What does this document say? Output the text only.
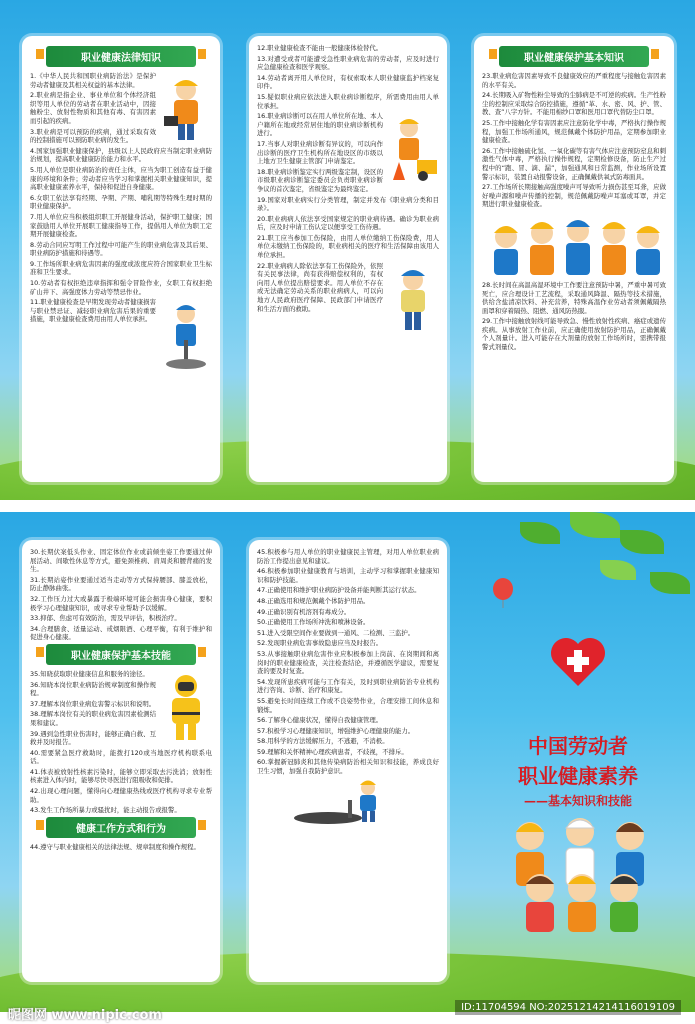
职业健康法律知识

1.《中华人民共和国职业病防治法》是保护劳动者健康及其相关权益的基本法律。

2.职业病是指企业、事业单位和个体经济组织等用人单位的劳动者在职业活动中，因接触粉尘、放射性物质和其他有毒、有害因素而引起的疾病。

3.职业病是可以预防的疾病，通过采取有效的控制措施可以预防职业病的发生。

4.国家加强职业健康保护，县级以上人民政府应当制定职业病防治规划，提高职业健康防治能力和水平。

5.用人单位是职业病防治的责任主体，应当为职工创造有益于健康的环境和条件；劳动者应当学习和掌握相关职业健康知识，提高职业健康素养水平，保持和促进自身健康。

6.女职工依法享有经期、孕期、产期、哺乳期等特殊生理时期的职业健康保护。

7.用人单位应当积极组织职工开展健身活动，保护职工健康；国家鼓励用人单位开展职工健康指导工作，提倡用人单位为职工定期开展健康检查。

8.劳动合同应写明工作过程中可能产生的职业病危害及其后果、职业病防护措施和待遇等。

9.工作场所职业病危害因素的强度或浓度应符合国家职业卫生标准和卫生要求。

10.劳动者有权拒绝违章指挥和强令冒险作业，女职工有权拒绝矿山井下、高强度体力劳动等禁忌作业。

11.职业健康检查是早期发现劳动者健康损害与职业禁忌证、减轻职业病危害后果的重要措施，职业健康检查费用由用人单位承担。

12.职业健康检查不能由一般健康体检替代。

13.对遭受或者可能遭受急性职业病危害的劳动者，应及时进行应急健康检查和医学观察。

14.劳动者离开用人单位时，有权索取本人职业健康监护档案复印件。

15.疑似职业病应依法进入职业病诊断程序，所需费用由用人单位承担。

16.职业病诊断可以在用人单位所在地、本人户籍所在地或经常居住地的职业病诊断机构进行。

17.当事人对职业病诊断有异议的，可以向作出诊断的医疗卫生机构所在地设区的市级以上地方卫生健康主管部门申请鉴定。

18.职业病诊断鉴定实行两级鉴定制，设区的市级职业病诊断鉴定委员会负责职业病诊断争议的首次鉴定，省级鉴定为最终鉴定。

19.国家对职业病实行分类管理，制定并发布《职业病分类和目录》。

20.职业病病人依法享受国家规定的职业病待遇。确诊为职业病后，应及时申请工伤认定以便享受工伤待遇。

21.职工应当参加工伤保险，由用人单位缴纳工伤保险费，用人单位未缴纳工伤保险的，职业病相关的医疗和生活保障由该用人单位承担。

22.职业病病人除依法享有工伤保险外，依照有关民事法律，尚有获得赔偿权利的，有权向用人单位提出赔偿要求。用人单位不存在或无法确定劳动关系的职业病病人，可以向地方人民政府医疗保障、民政部门申请医疗和生活方面的救助。

职业健康保护基本知识

23.职业病危害因素导致不良健康效应的严重程度与接触危害因素的水平有关。

24.长期吸入矿物性粉尘导致的尘肺病是不可逆的疾病。生产性粉尘的控制应采取综合防控措施，遵循“革、水、密、风、护、管、教、查”八字方针。不能用棉纱口罩和医用口罩代替防尘口罩。

25.工作中接触化学有害因素应注意防化学中毒，严格执行操作规程，加强工作场所通风，规范佩戴个体防护用品，定期参加职业健康检查。

26.工作中接触硫化氢、一氧化碳等有害气体应注意预防窒息和刺激性气体中毒，严格执行操作规程，定期检修设备，防止生产过程中的“跑、冒、滴、漏”，加强通风和日常监测，作业场所设置警示标识，装置自动报警设备，正确佩戴供氧式防毒面具。

27.工作场所长期接触高强度噪声可导致听力损伤甚至耳聋，应做好噪声源和噪声传播的控制，规范佩戴防噪声耳塞或耳罩，并定期进行职业健康检查。

28.长时间在高温高湿环境中工作要注意预防中暑，严重中暑可致死亡，应合理设计工艺流程，采取通风降温、隔热等技术措施，供给含盐清凉饮料、补充营养，特殊高温作业劳动者须佩戴隔热面罩和穿着隔热、阻燃、通风防热服。

29.工作中接触放射线可能导致急、慢性放射性疾病、癌症或遗传疾病。从事放射工作业前，应正确使用放射防护用品，正确佩戴个人剂量计。进入可能存在大剂量的放射工作场所时，需携带报警式剂量仪。

30.长期伏案低头作业、固定体位作业或前倾坐姿工作要通过伸展活动、间歇性休息等方式，避免颈椎病、肩周炎和腰背痛的发生。

31.长期站姿作业要通过适当走动等方式保持腰部、膝盖放松，防止静脉曲张。

32.工作压力过大或暴露于极端环境可能会损害身心健康，要积极学习心理健康知识，或寻求专业帮助予以缓解。

33.抑郁、焦虑可有效防治，需及早评估，积极治疗。

34.合理膳食、适量运动、戒烟限酒、心理平衡，有利于维护和促进身心健康。

职业健康保护基本技能

35.知晓获取职业健康信息和服务的途径。

36.知晓本岗位职业病防治规章制度和操作规程。

37.理解本岗位职业病危害警示标识和说明。

38.理解本岗位有关的职业病危害因素检测结果和建议。

39.遇到急性职业伤害时，能够正确自救、互救并及时报告。

40.需要紧急医疗救助时，能拨打120或当地医疗机构联系电话。

41.体表被放射性核素污染时，能够立即采取去污洗消；放射性核素进入体内时，能够尽快寻医进行阻吸收和促排。

42.出现心理问题，懂得向心理健康热线或医疗机构寻求专业帮助。

43.发生工作场所暴力或骚扰时，能主动报告或报警。

健康工作方式和行为

44.遵守与职业健康相关的法律法规、规章制度和操作规程。

45.积极参与用人单位的职业健康民主管理，对用人单位职业病防治工作提出意见和建议。

46.积极参加职业健康教育与培训，主动学习和掌握职业健康知识和防护技能。

47.正确使用和维护职业病防护设备并能判断其运行状态。

48.正确选用和规范佩戴个体防护用品。

49.正确识别有机溶剂有毒成分。

50.正确使用工作场所冲洗和喷淋设备。

51.进入受限空间作业要做到一通风、二检测、三监护。

52.发现职业病危害事故隐患应当及时报告。

53.从事接触职业病危害作业应积极参加上岗前、在岗期间和离岗时的职业健康检查，关注检查结论，并遵循医学建议，需要复查的要及时复查。

54.发现所患疾病可能与工作有关，及时到职业病防治专业机构进行咨询、诊断、治疗和康复。

55.避免长时间连续工作或不良姿势作业，合理安排工间休息和锻炼。

56.了解身心健康状况，懂得自我健康管理。

57.积极学习心理健康知识，增强维护心理健康的能力。

58.用科学的方法缓解压力，不逃避，不消极。

59.理解和关怀精神心理疾病患者，不歧视，不排斥。

60.掌握新冠肺炎和其他传染病防治相关知识和技能，养成良好卫生习惯，加强自我防护意识。

中国劳动者
职业健康素养
——基本知识和技能
昵图网 www.nipic.com
ID:11704594 NO:20251214214116019109
